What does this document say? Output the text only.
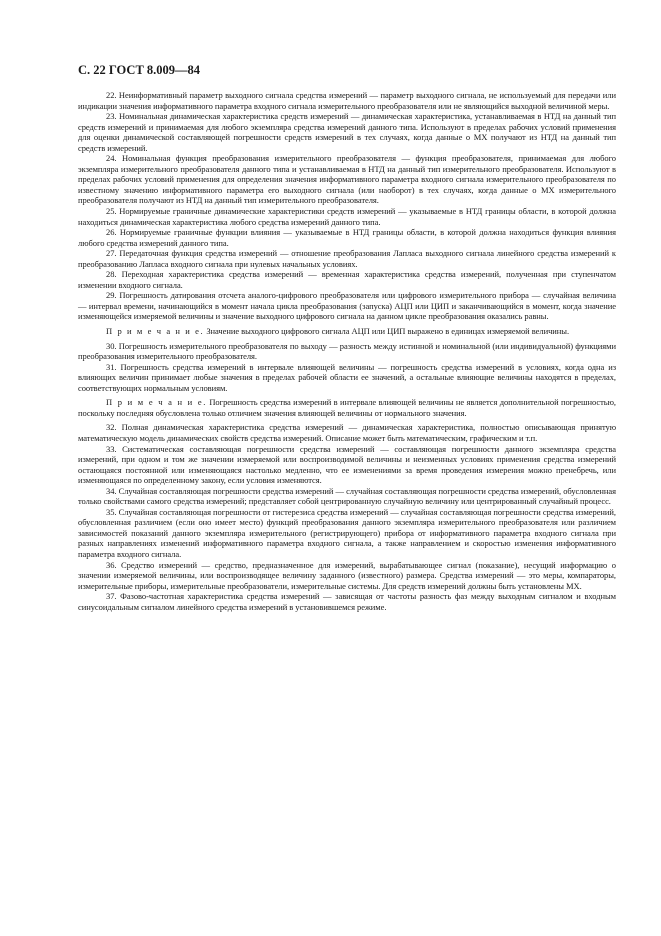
С. 22 ГОСТ 8.009—84

22. Неинформативный параметр выходного сигнала средства измерений — параметр выходного сигнала, не используемый для передачи или индикации значения информативного параметра входного сигнала измерительного преобразователя или не являющийся выходной величиной меры.

23. Номинальная динамическая характеристика средств измерений — динамическая характеристика, устанавливаемая в НТД на данный тип средств измерений и принимаемая для любого экземпляра средства измерений данного типа. Используют в пределах рабочих условий применения для оценки динамической составляющей погрешности средств измерений в тех случаях, когда данные о МХ получают из НТД на данный тип средств измерений.

24. Номинальная функция преобразования измерительного преобразователя — функция преобразователя, принимаемая для любого экземпляра измерительного преобразователя данного типа и устанавливаемая в НТД на данный тип измерительного преобразователя. Используют в пределах рабочих условий применения для определения значения информативного параметра входного сигнала измерительного преобразователя по известному значению информативного параметра его выходного сигнала (или наоборот) в тех случаях, когда данные о МХ измерительного преобразователя получают из НТД на данный тип измерительного преобразователя.

25. Нормируемые граничные динамические характеристики средств измерений — указываемые в НТД границы области, в которой должна находиться динамическая характеристика любого средства измерений данного типа.

26. Нормируемые граничные функции влияния — указываемые в НТД границы области, в которой должна находиться функция влияния любого средства измерений данного типа.

27. Передаточная функция средства измерений — отношение преобразования Лапласа выходного сигнала линейного средства измерений к преобразованию Лапласа входного сигнала при нулевых начальных условиях.

28. Переходная характеристика средства измерений — временная характеристика средства измерений, полученная при ступенчатом изменении входного сигнала.

29. Погрешность датирования отсчета аналого-цифрового преобразователя или цифрового измерительного прибора — случайная величина — интервал времени, начинающийся в момент начала цикла преобразования (запуска) АЦП или ЦИП и заканчивающийся в момент, когда значение изменяющейся измеряемой величины и значение выходного цифрового сигнала на данном цикле преобразования оказались равны.

П р и м е ч а н и е. Значение выходного цифрового сигнала АЦП или ЦИП выражено в единицах измеряемой величины.

30. Погрешность измерительного преобразователя по выходу — разность между истинной и номинальной (или индивидуальной) функциями преобразования измерительного преобразователя.

31. Погрешность средства измерений в интервале влияющей величины — погрешность средства измерений в условиях, когда одна из влияющих величин принимает любые значения в пределах рабочей области ее значений, а остальные влияющие величины находятся в пределах, соответствующих нормальным условиям.

П р и м е ч а н и е. Погрешность средства измерений в интервале влияющей величины не является дополнительной погрешностью, поскольку последняя обусловлена только отличием значения влияющей величины от нормального значения.

32. Полная динамическая характеристика средства измерений — динамическая характеристика, полностью описывающая принятую математическую модель динамических свойств средства измерений. Описание может быть математическим, графическим и т.п.

33. Систематическая составляющая погрешности средства измерений — составляющая погрешности данного экземпляра средства измерений, при одном и том же значении измеряемой или воспроизводимой величины и неизменных условиях применения средства измерений остающаяся постоянной или изменяющаяся настолько медленно, что ее изменениями за время проведения измерения можно пренебречь, или изменяющаяся по определенному закону, если условия изменяются.

34. Случайная составляющая погрешности средства измерений — случайная составляющая погрешности средства измерений, обусловленная только свойствами самого средства измерений; представляет собой центрированную случайную величину или центрированный случайный процесс.

35. Случайная составляющая погрешности от гистерезиса средства измерений — случайная составляющая погрешности средства измерений, обусловленная различием (если оно имеет место) функций преобразования данного экземпляра измерительного преобразователя или различием зависимостей показаний данного экземпляра измерительного (регистрирующего) прибора от информативного параметра входного сигнала при разных направлениях изменений информативного параметра входного сигнала, а также направлением и скоростью изменения информативного параметра входного сигнала.

36. Средство измерений — средство, предназначенное для измерений, вырабатывающее сигнал (показание), несущий информацию о значении измеряемой величины, или воспроизводящее величину заданного (известного) размера. Средства измерений — это меры, компараторы, измерительные приборы, измерительные преобразователи, измерительные системы. Для средств измерений должны быть установлены МХ.

37. Фазово-частотная характеристика средства измерений — зависящая от частоты разность фаз между выходным сигналом и входным синусоидальным сигналом линейного средства измерений в установившемся режиме.
